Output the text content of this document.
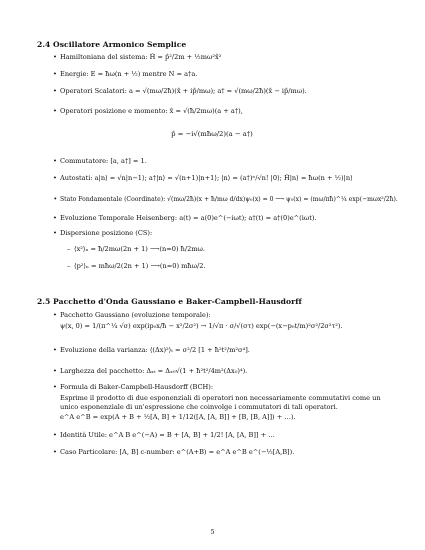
2.4 Oscillatore Armonico Semplice
• Hamiltoniana del sistema: Ĥ = p̂²/2m + ½mω²x̂²
• Energie: E = ħω(n + ½) mentre N = a†a.
• Operatori Scalatori: a = √(mω/2ħ)(x̂ + ip̂/mω); a† = √(mω/2ħ)(x̂ − ip̂/mω).
• Operatori posizione e momento: x̂ = √(ħ/2mω)(a + a†),
p̂ = −i√(mħω/2)(a − a†)
• Commutatore: [a, a†] = 1.
• Autostati: a|n⟩ = √n|n−1⟩; a†|n⟩ = √(n+1)|n+1⟩; |n⟩ = (a†)ⁿ/√n! |0⟩; Ĥ|n⟩ = ħω(n + ½)|n⟩
• Stato Fondamentale (Coordinate): √(mω/2ħ)(x + ħ/mω d/dx)ψ₀(x) = 0 ⟶ ψ₀(x) = (mω/πħ)^¼ exp(−mωx²/2ħ).
• Evoluzione Temporale Heisenberg: a(t) = a(0)e^(−iωt); a†(t) = a†(0)e^(iωt).
• Dispersione posizione (CS):
– ⟨x²⟩ₙ = ħ/2mω(2n + 1) ⟶(n=0) ħ/2mω.
– ⟨p²⟩ₙ = mħω/2(2n + 1) ⟶(n=0) mħω/2.
2.5 Pacchetto d'Onda Gaussiano e Baker-Campbell-Hausdorff
• Pacchetto Gaussiano (evoluzione temporale):
ψ(x, 0) = 1/(π^¼ √σ) exp(ip₀x/ħ − x²/2σ²) → 1/√π · σ/√(στ) exp(−(x−p₀t/m)²σ²/2σ²τ²).
• Evoluzione della varianza: ⟨(Δx)²⟩ₜ = σ²/2 [1 + ħ²t²/m²σ⁴].
• Larghezza del pacchetto: Δₓₜ = Δₓ₀√(1 + ħ²t²/4m²(Δx₀)⁴).
• Formula di Baker-Campbell-Hausdorff (BCH):
Esprime il prodotto di due esponenziali di operatori non necessariamente commutativi come un
unico esponenziale di un'espressione che coinvolge i commutatori di tali operatori.
e^A e^B = exp(A + B + ½[A, B] + 1/12([A, [A, B]] + [B, [B, A]]) + …).
• Identità Utile: e^A B e^(−A) = B + [A, B] + 1/2! [A, [A, B]] + …
• Caso Particolare: [A, B] c-number: e^(A+B) = e^A e^B e^(−½[A,B]).
5
